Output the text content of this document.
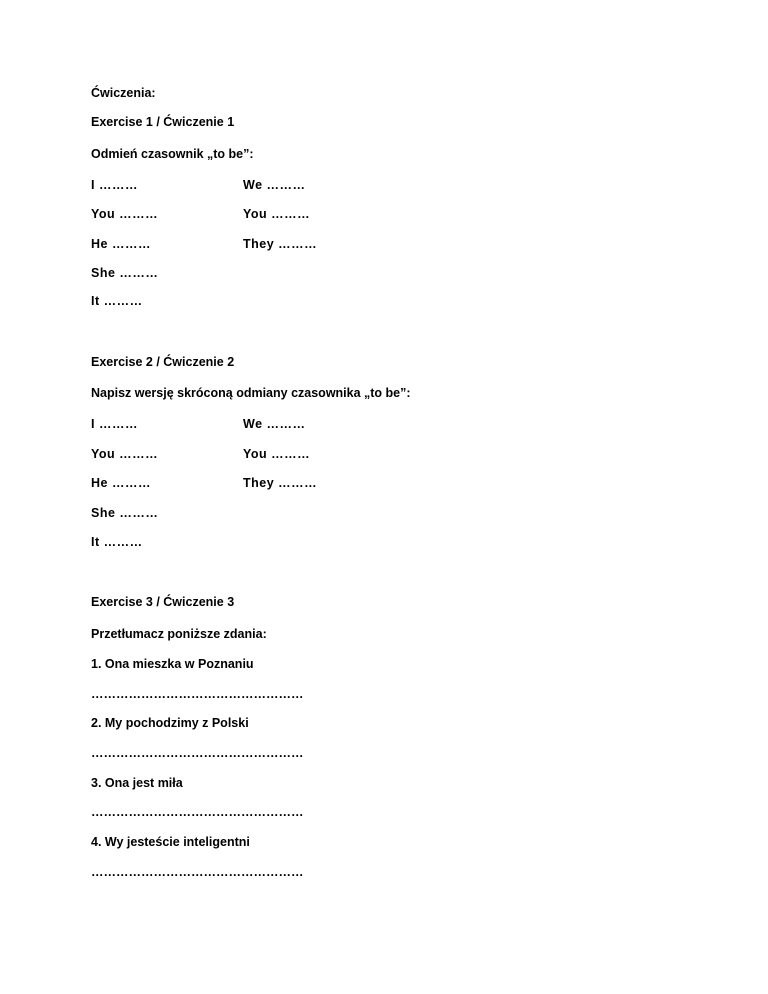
Ćwiczenia:
Exercise 1 / Ćwiczenie 1
Odmień czasownik „to be”:
I ………	We ………
You ………	You ………
He ………	They ………
She ………
It ………
Exercise 2 / Ćwiczenie 2
Napisz wersję skróconą odmiany czasownika „to be”:
I ………	We ………
You ………	You ………
He ………	They ………
She ………
It ………
Exercise 3 / Ćwiczenie 3
Przetłumacz poniższe zdania:
1. Ona mieszka w Poznaniu
……………………………………………
2. My pochodzimy z Polski
……………………………………………
3. Ona jest miła
……………………………………………
4. Wy jesteście inteligentni
……………………………………………
